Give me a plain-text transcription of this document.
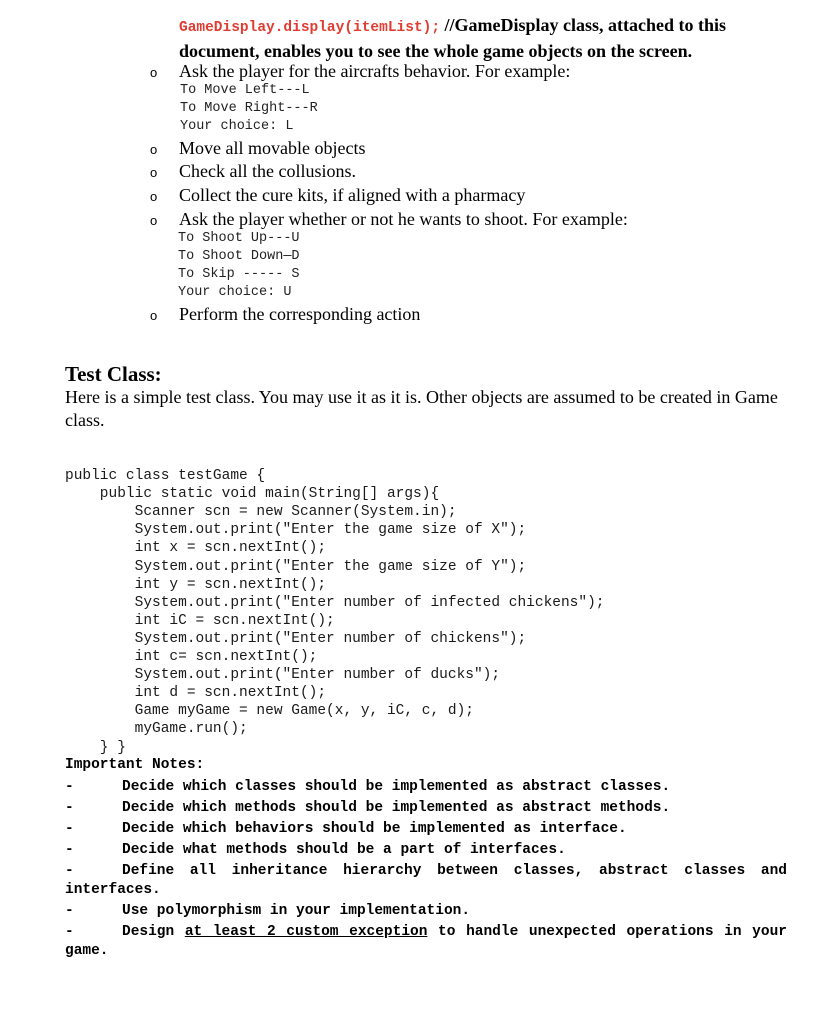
GameDisplay.display(itemList); //GameDisplay class, attached to this document, enables you to see the whole game objects on the screen.
o Ask the player for the aircrafts behavior. For example:
To Move Left---L
To Move Right---R
Your choice: L
o Move all movable objects
o Check all the collusions.
o Collect the cure kits, if aligned with a pharmacy
o Ask the player whether or not he wants to shoot. For example:
To Shoot Up---U
To Shoot Down—D
To Skip ----- S
Your choice: U
o Perform the corresponding action
Test Class:
Here is a simple test class. You may use it as it is. Other objects are assumed to be created in Game class.

public class testGame {
public static void main(String[] args){
Scanner scn = new Scanner(System.in);
System.out.print("Enter the game size of X");
int x = scn.nextInt();
System.out.print("Enter the game size of Y");
int y = scn.nextInt();
System.out.print("Enter number of infected chickens");
int iC = scn.nextInt();
System.out.print("Enter number of chickens");
int c= scn.nextInt();
System.out.print("Enter number of ducks");
int d = scn.nextInt();
Game myGame = new Game(x, y, iC, c, d);
myGame.run();
} }

Important Notes:
-	Decide which classes should be implemented as abstract classes.
-	Decide which methods should be implemented as abstract methods.
-	Decide which behaviors should be implemented as interface.
-	Decide what methods should be a part of interfaces.
-	Define all inheritance hierarchy between classes, abstract classes and interfaces.
-	Use polymorphism in your implementation.
-	Design at least 2 custom exception to handle unexpected operations in your game.
